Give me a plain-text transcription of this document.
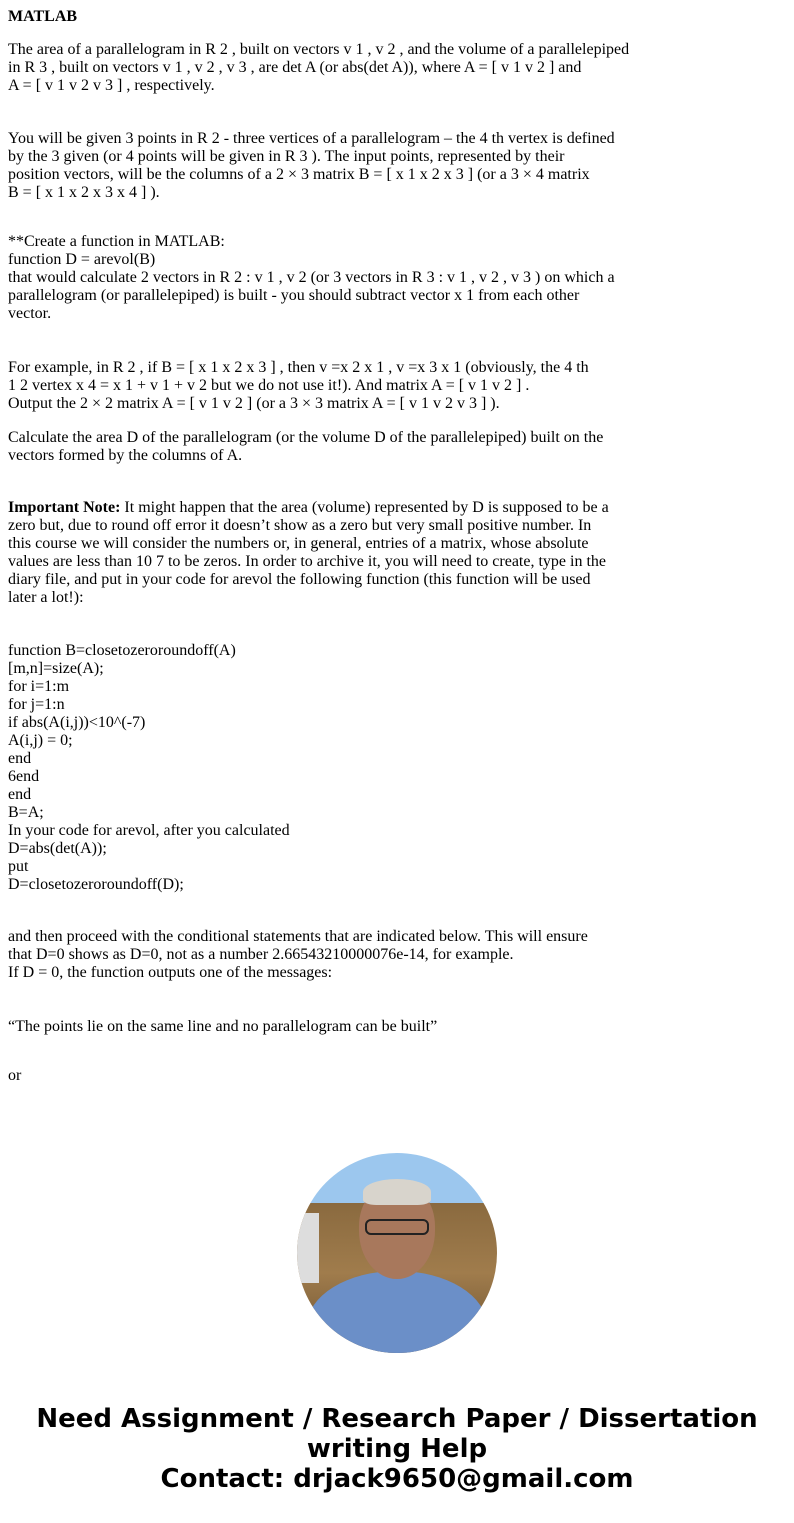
MATLAB
The area of a parallelogram in R 2 , built on vectors v 1 , v 2 , and the volume of a parallelepiped
in R 3 , built on vectors v 1 , v 2 , v 3 , are det A (or abs(det A)), where A = [ v 1 v 2 ] and
A = [ v 1 v 2 v 3 ] , respectively.
You will be given 3 points in R 2 - three vertices of a parallelogram – the 4 th vertex is defined
by the 3 given (or 4 points will be given in R 3 ). The input points, represented by their
position vectors, will be the columns of a 2 × 3 matrix B = [ x 1 x 2 x 3 ] (or a 3 × 4 matrix
B = [ x 1 x 2 x 3 x 4 ] ).
**Create a function in MATLAB:
function D = arevol(B)
that would calculate 2 vectors in R 2 : v 1 , v 2 (or 3 vectors in R 3 : v 1 , v 2 , v 3 ) on which a
parallelogram (or parallelepiped) is built - you should subtract vector x 1 from each other
vector.
For example, in R 2 , if B = [ x 1 x 2 x 3 ] , then v =x 2 x 1 , v =x 3 x 1 (obviously, the 4 th
1 2 vertex x 4 = x 1 + v 1 + v 2 but we do not use it!). And matrix A = [ v 1 v 2 ] .
Output the 2 × 2 matrix A = [ v 1 v 2 ] (or a 3 × 3 matrix A = [ v 1 v 2 v 3 ] ).
Calculate the area D of the parallelogram (or the volume D of the parallelepiped) built on the
vectors formed by the columns of A.
Important Note: It might happen that the area (volume) represented by D is supposed to be a
zero but, due to round off error it doesn’t show as a zero but very small positive number. In
this course we will consider the numbers or, in general, entries of a matrix, whose absolute
values are less than 10 7 to be zeros. In order to archive it, you will need to create, type in the
diary file, and put in your code for arevol the following function (this function will be used
later a lot!):
function B=closetozeroroundoff(A)
[m,n]=size(A);
for i=1:m
for j=1:n
if abs(A(i,j))<10^(-7)
A(i,j) = 0;
end
6end
end
B=A;
In your code for arevol, after you calculated
D=abs(det(A));
put
D=closetozeroroundoff(D);
and then proceed with the conditional statements that are indicated below. This will ensure
that D=0 shows as D=0, not as a number 2.66543210000076e-14, for example.
If D = 0, the function outputs one of the messages:
“The points lie on the same line and no parallelogram can be built”
or
Need Assignment / Research Paper / Dissertation
writing Help
Contact: drjack9650@gmail.com
